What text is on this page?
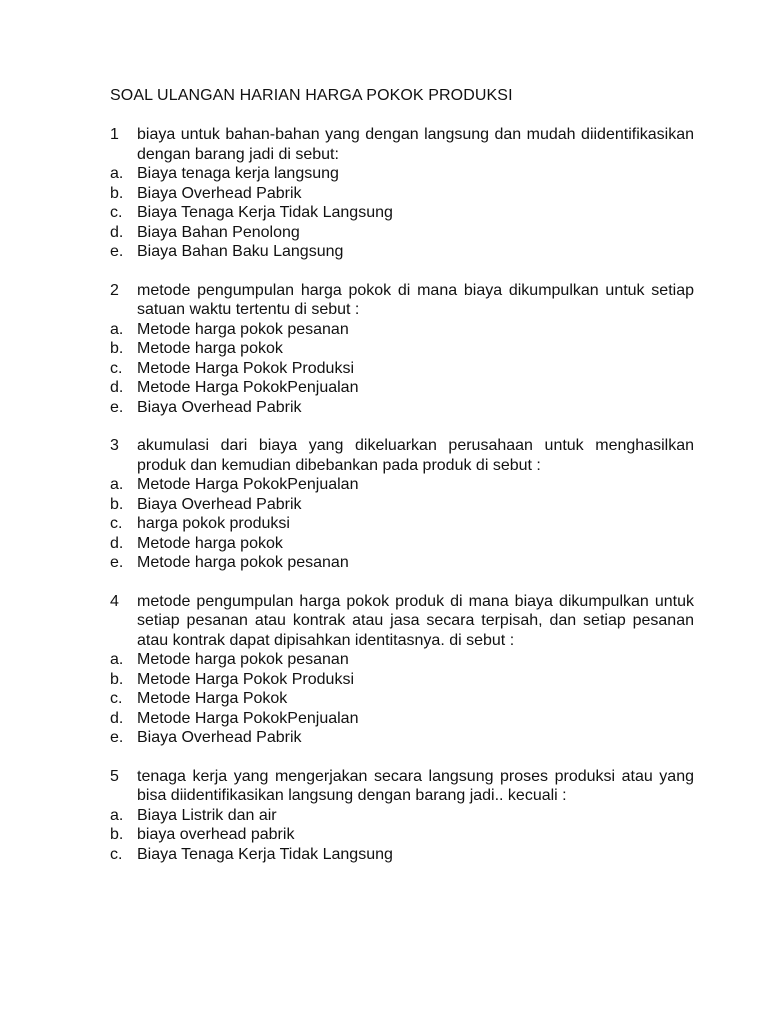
SOAL ULANGAN HARIAN HARGA POKOK PRODUKSI
1	biaya untuk bahan-bahan yang dengan langsung dan mudah diidentifikasikan dengan barang jadi di sebut:
a. Biaya tenaga kerja langsung
b. Biaya Overhead Pabrik
c. Biaya Tenaga Kerja Tidak Langsung
d. Biaya Bahan Penolong
e. Biaya Bahan Baku Langsung
2	metode pengumpulan harga pokok di mana biaya dikumpulkan untuk setiap satuan waktu tertentu di sebut :
a. Metode harga pokok pesanan
b. Metode harga pokok
c. Metode Harga Pokok Produksi
d. Metode Harga PokokPenjualan
e. Biaya Overhead Pabrik
3	akumulasi dari biaya yang dikeluarkan perusahaan untuk menghasilkan produk dan kemudian dibebankan pada produk di sebut :
a. Metode Harga PokokPenjualan
b. Biaya Overhead Pabrik
c. harga pokok produksi
d. Metode harga pokok
e. Metode harga pokok pesanan
4	metode pengumpulan harga pokok produk di mana biaya dikumpulkan untuk setiap pesanan atau kontrak atau jasa secara terpisah, dan setiap pesanan atau kontrak dapat dipisahkan identitasnya. di sebut :
a. Metode harga pokok pesanan
b. Metode Harga Pokok Produksi
c. Metode Harga Pokok
d. Metode Harga PokokPenjualan
e. Biaya Overhead Pabrik
5	tenaga kerja yang mengerjakan secara langsung proses produksi atau yang bisa diidentifikasikan langsung dengan barang jadi.. kecuali :
a. Biaya Listrik dan air
b. biaya overhead pabrik
c. Biaya Tenaga Kerja Tidak Langsung
